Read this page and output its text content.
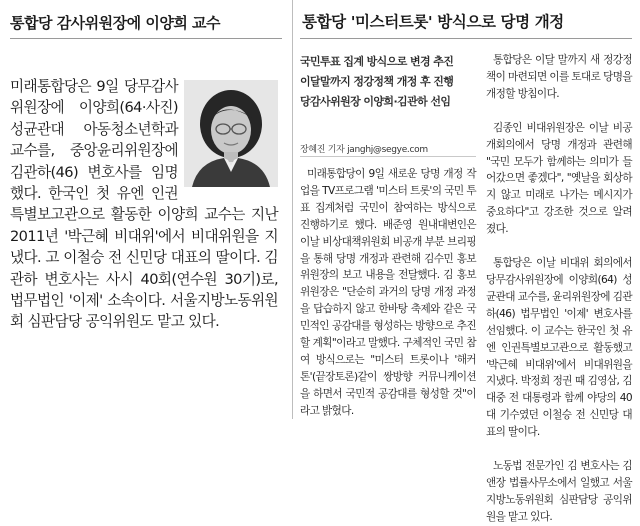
통합당 감사위원장에 이양희 교수
미래통합당은 9일 당무감사위원장에 이양희(64·사진) 성균관대 아동청소년학과 교수를, 중앙윤리위원장에 김관하(46) 변호사를 임명했다. 한국인 첫 유엔 인권특별보고관으로 활동한 이양희 교수는 지난 2011년 '박근혜 비대위'에서 비대위원을 지냈다. 고 이철승 전 신민당 대표의 딸이다. 김관하 변호사는 사시 40회(연수원 30기)로, 법무법인 '이제' 소속이다. 서울지방노동위원회 심판담당 공익위원도 맡고 있다.
통합당 '미스터트롯' 방식으로 당명 개정
국민투표 집계 방식으로 변경 추진
이달말까지 정강정책 개정 후 진행
당감사위원장 이양희·김관하 선임
장혜진 기자 janghj@segye.com
미래통합당이 9일 새로운 당명 개정 작업을 TV프로그램 '미스터 트롯'의 국민 투표 집계처럼 국민이 참여하는 방식으로 진행하기로 했다. 배준영 원내대변인은 이날 비상대책위원회 비공개 부분 브리핑을 통해 당명 개정과 관련해 김수민 홍보위원장의 보고 내용을 전달했다. 김 홍보위원장은 "단순히 과거의 당명 개정 과정을 답습하지 않고 한바탕 축제와 같은 국민적인 공감대를 형성하는 방향으로 추진할 계획"이라고 말했다. 구체적인 국민 참여 방식으로는 "미스터 트롯이나 '해커톤'(끝장토론)같이 쌍방향 커뮤니케이션을 하면서 국민적 공감대를 형성할 것"이라고 밝혔다.

통합당은 이달 말까지 새 정강정책이 마련되면 이를 토대로 당명을 개정할 방침이다.

김종인 비대위원장은 이날 비공개회의에서 당명 개정과 관련해 "국민 모두가 함께하는 의미가 들어갔으면 좋겠다", "옛날을 회상하지 않고 미래로 나가는 메시지가 중요하다"고 강조한 것으로 알려졌다.

통합당은 이날 비대위 회의에서 당무감사위원장에 이양희(64) 성균관대 교수를, 윤리위원장에 김관하(46) 법무법인 '이제' 변호사를 선임했다. 이 교수는 한국인 첫 유엔 인권특별보고관으로 활동했고 '박근혜 비대위'에서 비대위원을 지냈다. 박정희 정권 때 김영삼, 김대중 전 대통령과 함께 야당의 40대 기수였던 이철승 전 신민당 대표의 딸이다.

노동법 전문가인 김 변호사는 김앤장 법률사무소에서 일했고 서울지방노동위원회 심판담당 공익위원을 맡고 있다.
